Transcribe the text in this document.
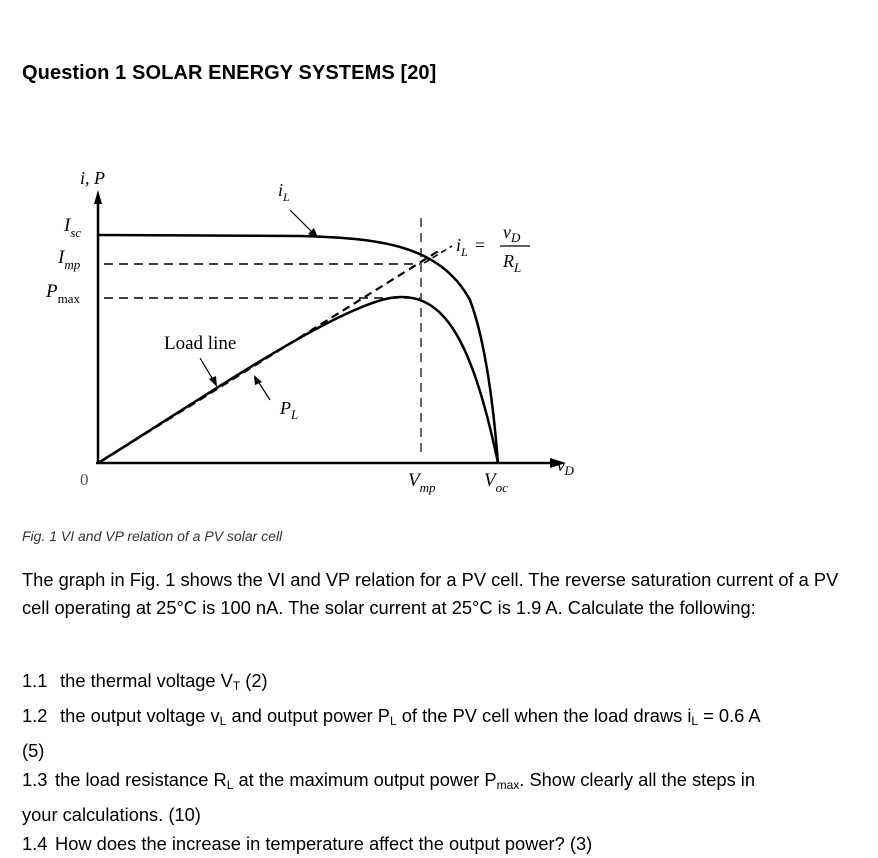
Question 1 SOLAR ENERGY SYSTEMS [20]
i, P
$I_{sc}$
$I_{mp}$
$P_{max}$
0
$i_L$
$i_L$ =
$v_D$
$R_L$
Load line
$P_L$
$V_{mp}$	$V_{oc}$
$v_D$
Fig. 1 VI and VP relation of a PV solar cell
The graph in Fig. 1 shows the VI and VP relation for a PV cell. The reverse saturation current of a PV cell operating at 25°C is 100 nA. The solar current at 25°C is 1.9 A. Calculate the following:
1.1 the thermal voltage $V_T$ (2)
1.2 the output voltage $v_L$ and output power $P_L$ of the PV cell when the load draws $i_L = 0.6$ A
(5)
1.3 the load resistance $R_L$ at the maximum output power $P_{max}$. Show clearly all the steps in
your calculations. (10)
1.4 How does the increase in temperature affect the output power? (3)
